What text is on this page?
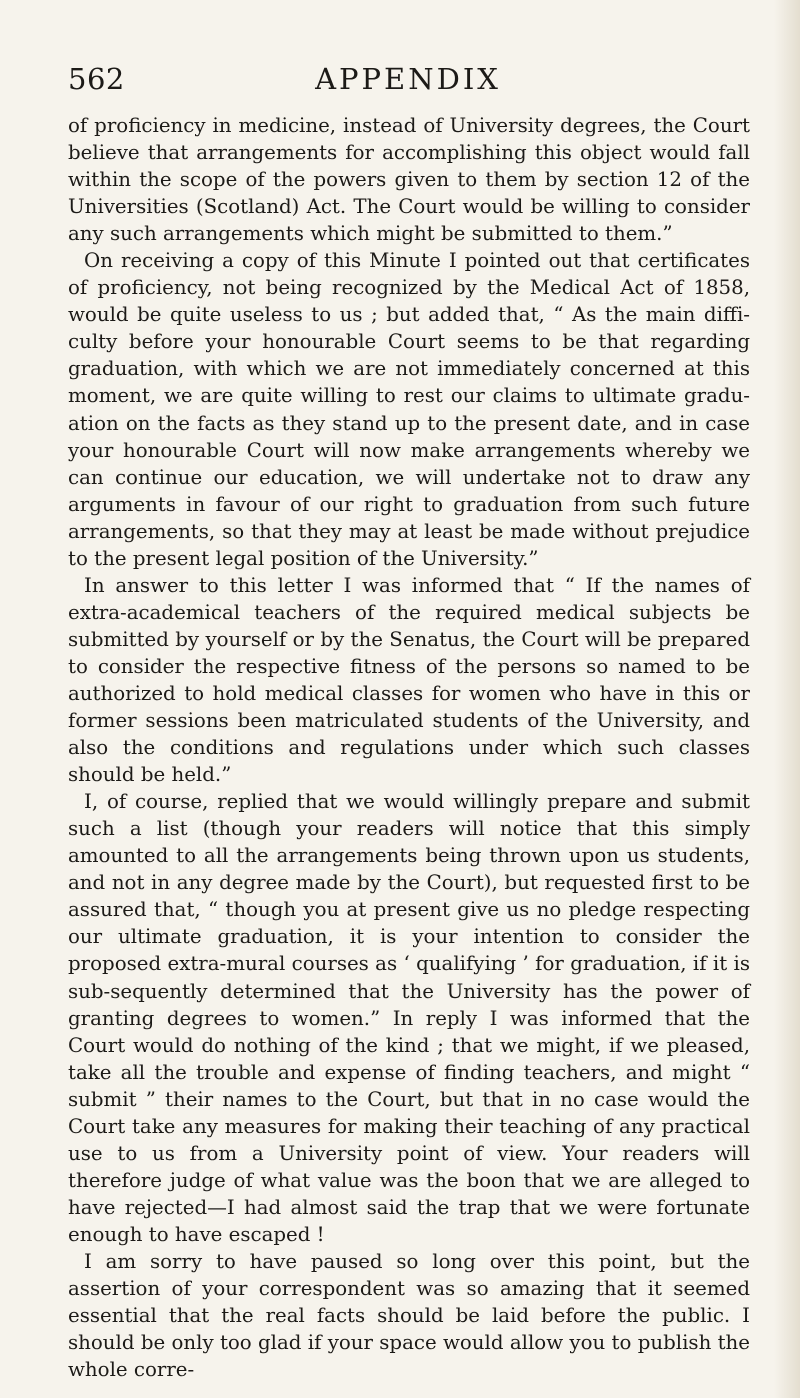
562	APPENDIX

of proficiency in medicine, instead of University degrees, the Court believe that arrangements for accomplishing this object would fall within the scope of the powers given to them by section 12 of the Universities (Scotland) Act. The Court would be willing to consider any such arrangements which might be submitted to them.”

On receiving a copy of this Minute I pointed out that certificates of proficiency, not being recognized by the Medical Act of 1858, would be quite useless to us ; but added that, “ As the main diffi-culty before your honourable Court seems to be that regarding graduation, with which we are not immediately concerned at this moment, we are quite willing to rest our claims to ultimate gradu-ation on the facts as they stand up to the present date, and in case your honourable Court will now make arrangements whereby we can continue our education, we will undertake not to draw any arguments in favour of our right to graduation from such future arrangements, so that they may at least be made without prejudice to the present legal position of the University.”

In answer to this letter I was informed that “ If the names of extra-academical teachers of the required medical subjects be submitted by yourself or by the Senatus, the Court will be prepared to consider the respective fitness of the persons so named to be authorized to hold medical classes for women who have in this or former sessions been matriculated students of the University, and also the conditions and regulations under which such classes should be held.”

I, of course, replied that we would willingly prepare and submit such a list (though your readers will notice that this simply amounted to all the arrangements being thrown upon us students, and not in any degree made by the Court), but requested first to be assured that, “ though you at present give us no pledge respecting our ultimate graduation, it is your intention to consider the proposed extra-mural courses as ‘ qualifying ’ for graduation, if it is sub-sequently determined that the University has the power of granting degrees to women.” In reply I was informed that the Court would do nothing of the kind ; that we might, if we pleased, take all the trouble and expense of finding teachers, and might “ submit ” their names to the Court, but that in no case would the Court take any measures for making their teaching of any practical use to us from a University point of view. Your readers will therefore judge of what value was the boon that we are alleged to have rejected—I had almost said the trap that we were fortunate enough to have escaped !

I am sorry to have paused so long over this point, but the assertion of your correspondent was so amazing that it seemed essential that the real facts should be laid before the public. I should be only too glad if your space would allow you to publish the whole corre-
